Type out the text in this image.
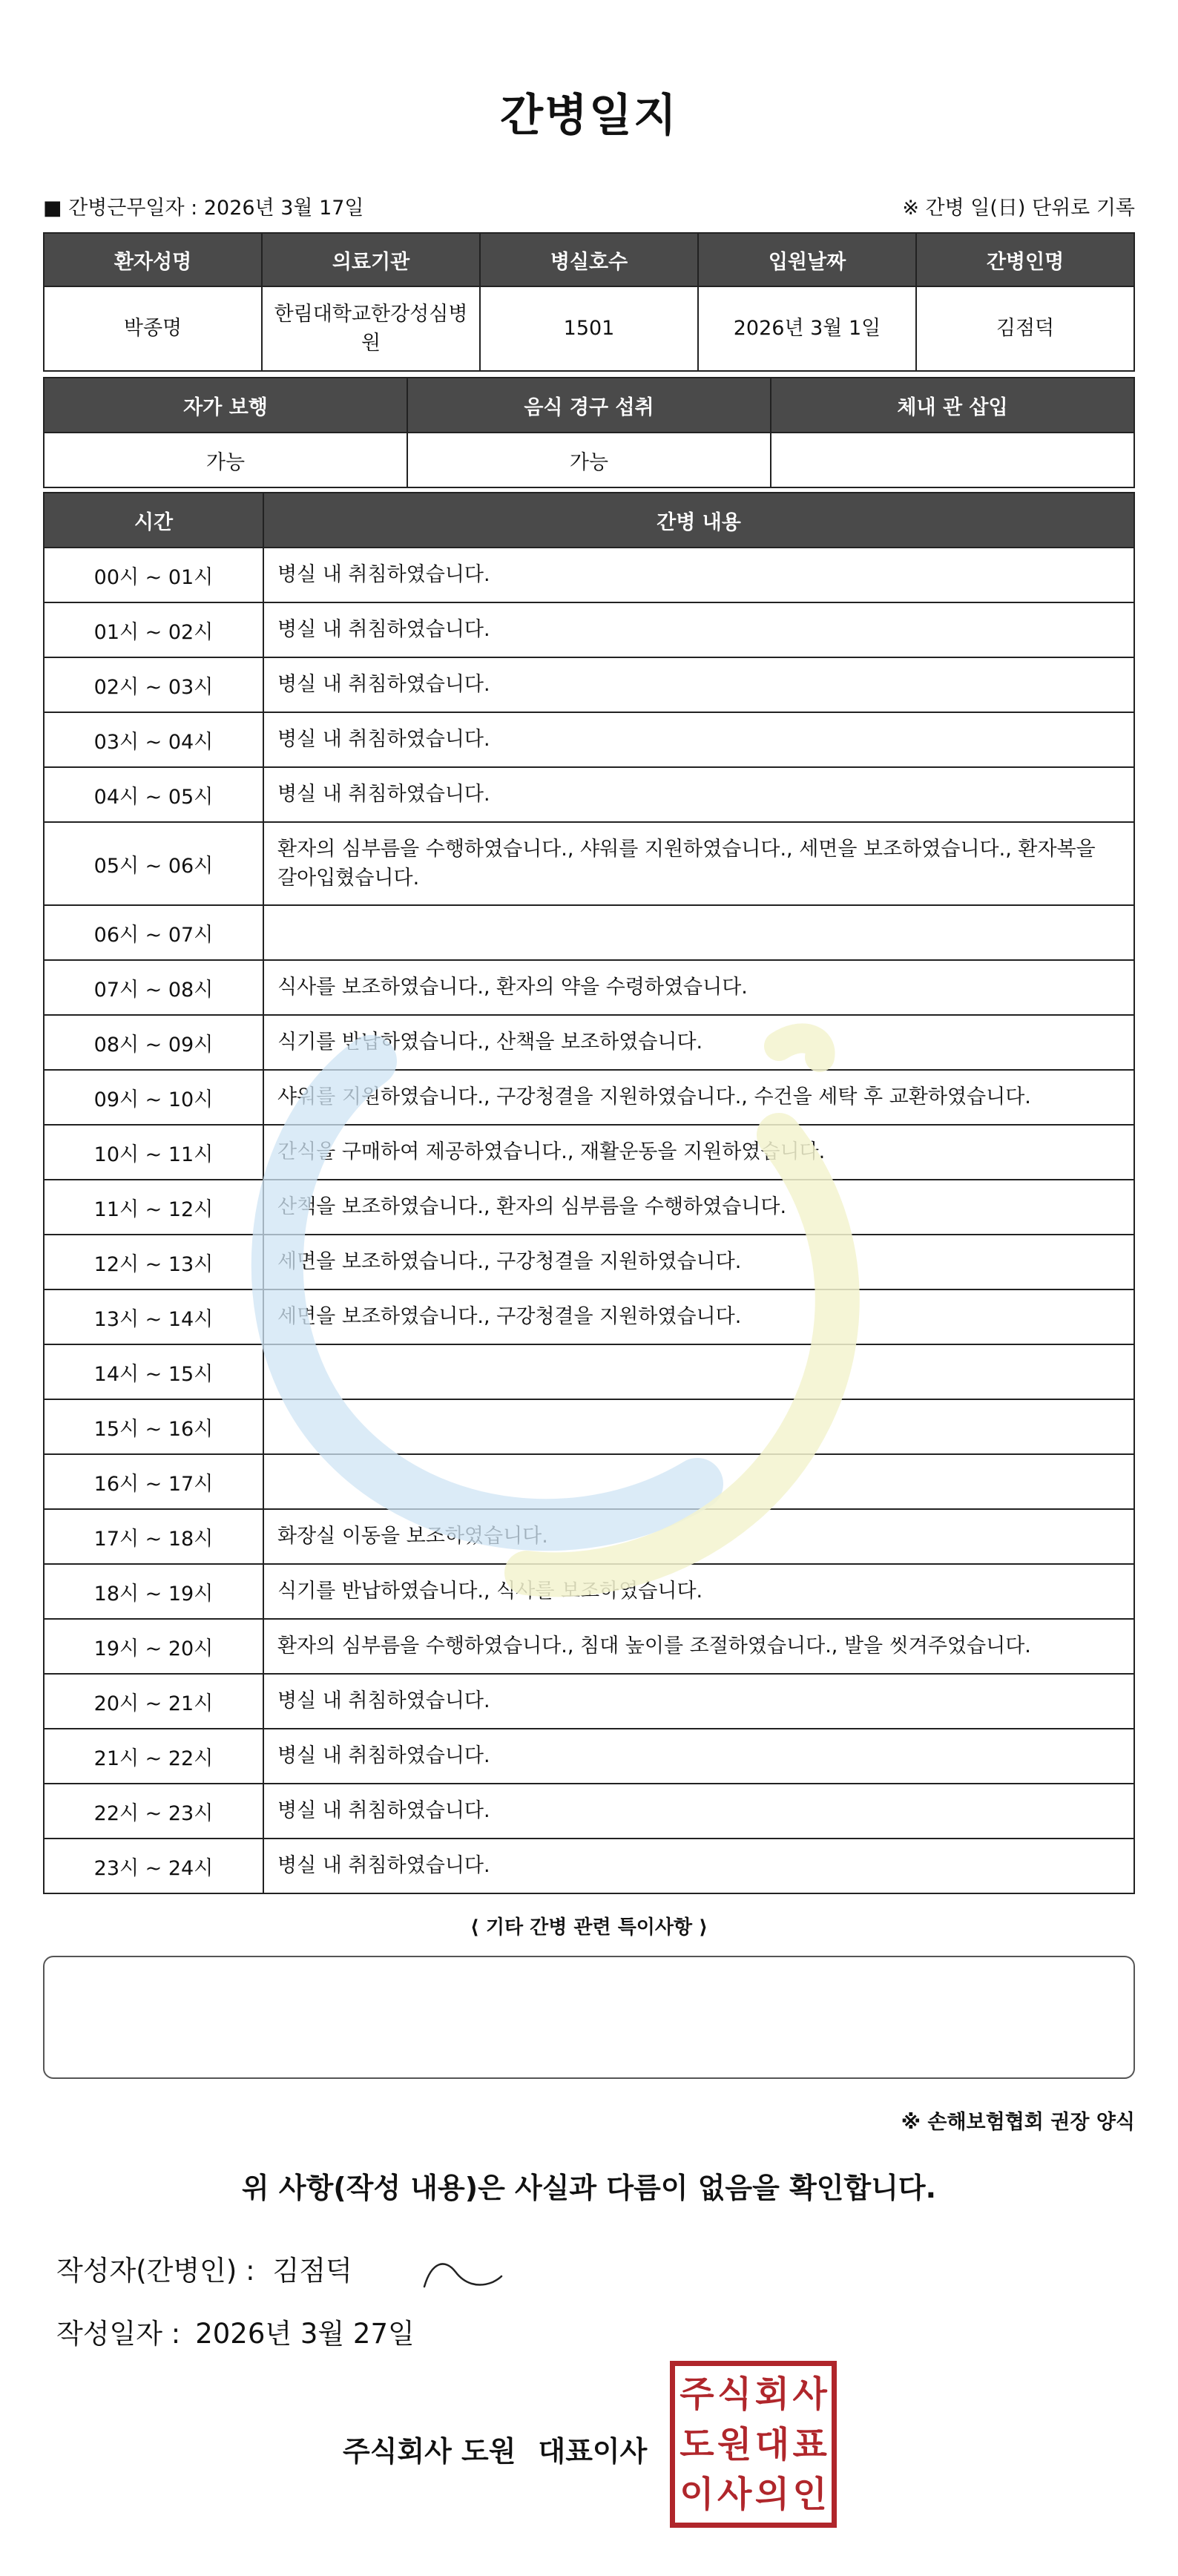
간병일지
■ 간병근무일자 : 2026년 3월 17일	※ 간병 일(日) 단위로 기록
환자성명	의료기관	병실호수	입원날짜	간병인명
박종명	한림대학교한강성심병원	1501	2026년 3월 1일	김점덕
자가 보행	음식 경구 섭취	체내 관 삽입
가능	가능	
시간	간병 내용
00시 ~ 01시	병실 내 취침하였습니다.
01시 ~ 02시	병실 내 취침하였습니다.
02시 ~ 03시	병실 내 취침하였습니다.
03시 ~ 04시	병실 내 취침하였습니다.
04시 ~ 05시	병실 내 취침하였습니다.
05시 ~ 06시	환자의 심부름을 수행하였습니다., 샤워를 지원하였습니다., 세면을 보조하였습니다., 환자복을 갈아입혔습니다.
06시 ~ 07시	
07시 ~ 08시	식사를 보조하였습니다., 환자의 약을 수령하였습니다.
08시 ~ 09시	식기를 반납하였습니다., 산책을 보조하였습니다.
09시 ~ 10시	샤워를 지원하였습니다., 구강청결을 지원하였습니다., 수건을 세탁 후 교환하였습니다.
10시 ~ 11시	간식을 구매하여 제공하였습니다., 재활운동을 지원하였습니다.
11시 ~ 12시	산책을 보조하였습니다., 환자의 심부름을 수행하였습니다.
12시 ~ 13시	세면을 보조하였습니다., 구강청결을 지원하였습니다.
13시 ~ 14시	세면을 보조하였습니다., 구강청결을 지원하였습니다.
14시 ~ 15시	
15시 ~ 16시	
16시 ~ 17시	
17시 ~ 18시	화장실 이동을 보조하였습니다.
18시 ~ 19시	식기를 반납하였습니다., 식사를 보조하였습니다.
19시 ~ 20시	환자의 심부름을 수행하였습니다., 침대 높이를 조절하였습니다., 발을 씻겨주었습니다.
20시 ~ 21시	병실 내 취침하였습니다.
21시 ~ 22시	병실 내 취침하였습니다.
22시 ~ 23시	병실 내 취침하였습니다.
23시 ~ 24시	병실 내 취침하였습니다.
⟨ 기타 간병 관련 특이사항 ⟩
※ 손해보험협회 권장 양식
위 사항(작성 내용)은 사실과 다름이 없음을 확인합니다.
작성자(간병인) : 김점덕
작성일자 : 2026년 3월 27일
주식회사 도원 대표이사
주 식 회 사
도 원 대 표
이 사 의 인
